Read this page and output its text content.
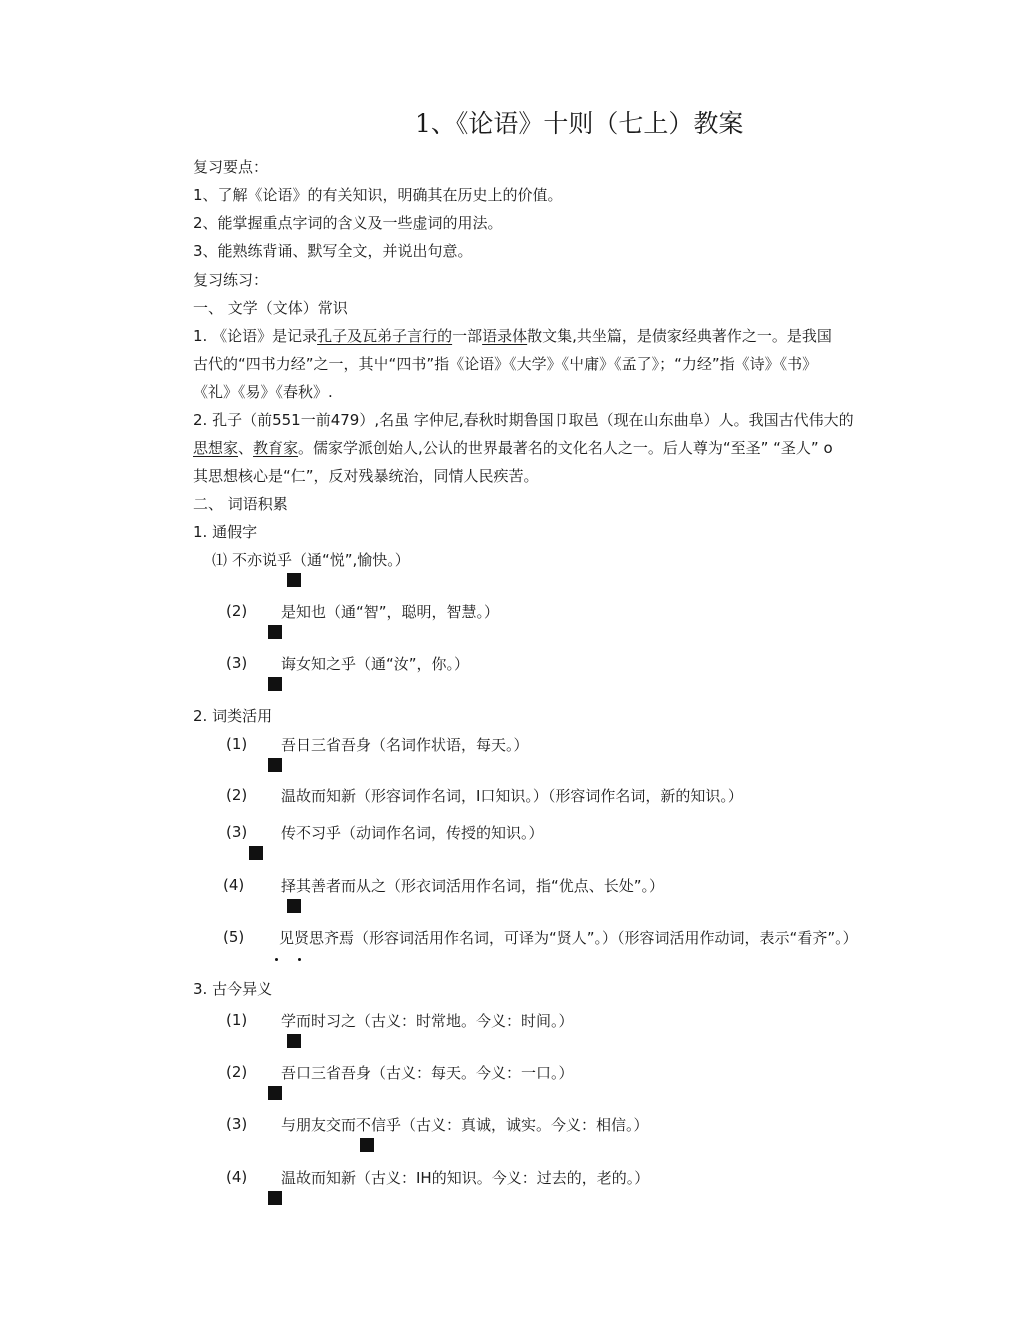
1、《论语》十则（七上）教案
复习要点：
1、了解《论语》的有关知识，明确其在历史上的价值。
2、能掌握重点字词的含义及一些虚词的用法。
3、能熟练背诵、默写全文，并说出句意。
复习练习：
一、 文学（文体）常识
1. 《论语》是记录孔子及瓦弟子言行的一部语录体散文集,共坐篇，是债家经典著作之一。是我国
古代的“四书力经”之一，其屮“四书”指《论语》《大学》《屮庸》《孟了》；“力经”指《诗》《书》
《礼》《易》《春秋》.
2. 孔子（前551一前479）,名虽 字仲尼,春秋时期鲁国卩取邑（现在山东曲阜）人。我国古代伟大的
思想家、教育家。儒家学派创始人,公认的世界最著名的文化名人之一。后人尊为“至圣” “圣人” o
其思想核心是“仁”，反对残暴统治，同情人民疾苦。
二、 词语积累
1. 通假字
⑴ 不亦说乎（通“悦”,愉快。）
(2) 是知也（通“智”，聪明，智慧。）
(3) 诲女知之乎（通“汝”，你。）
2. 词类活用
(1) 吾日三省吾身（名词作状语，每天。）
(2) 温故而知新（形容词作名词，I口知识。）（形容词作名词，新的知识。）
(3) 传不习乎（动词作名词，传授的知识。）
(4) 择其善者而从之（形衣词活用作名词，指“优点、长处”。）
(5) 见贤思齐焉（形容词活用作名词，可译为“贤人”。）（形容词活用作动词，表示“看齐”。）
3. 古今异义
(1) 学而时习之（古义：时常地。今义：时间。）
(2) 吾口三省吾身（古义：每天。今义：一口。）
(3) 与朋友交而不信乎（古义：真诚，诚实。今义：相信。）
(4) 温故而知新（古义：IH的知识。今义：过去的，老的。）
